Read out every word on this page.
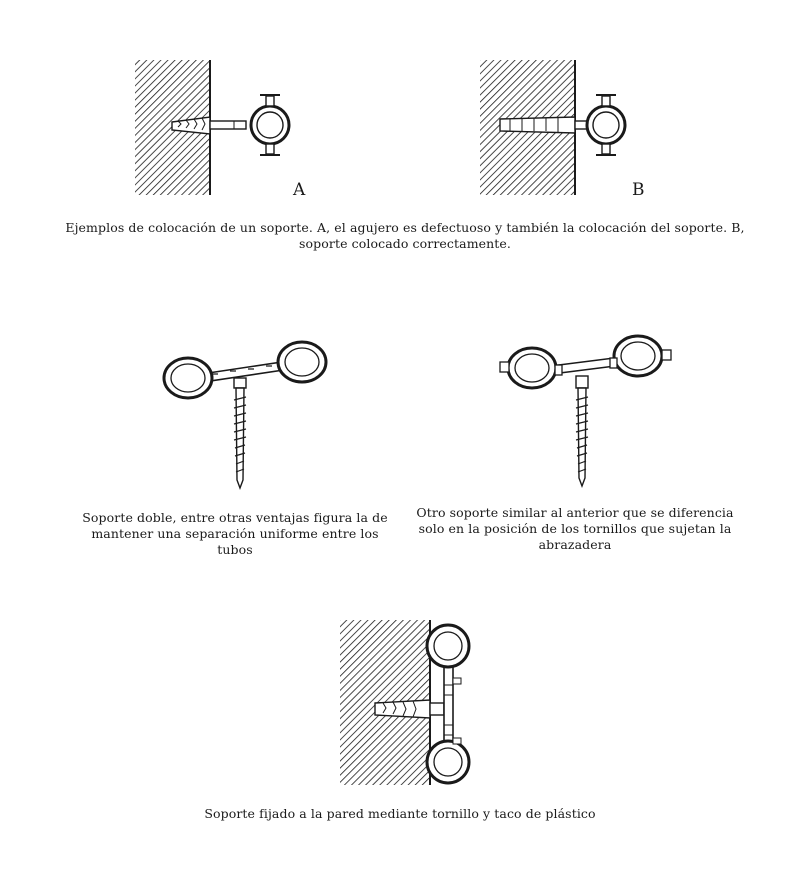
A	B

Ejemplos de colocación de un soporte. A, el agujero es defectuoso y también la colocación del soporte. B, soporte colocado correctamente.

Soporte doble, entre otras ventajas figura la de mantener una separación uniforme entre los tubos

Otro soporte similar al anterior que se diferencia solo en la posición de los tornillos que sujetan la abrazadera

Soporte fijado a la pared mediante tornillo y taco de plástico
